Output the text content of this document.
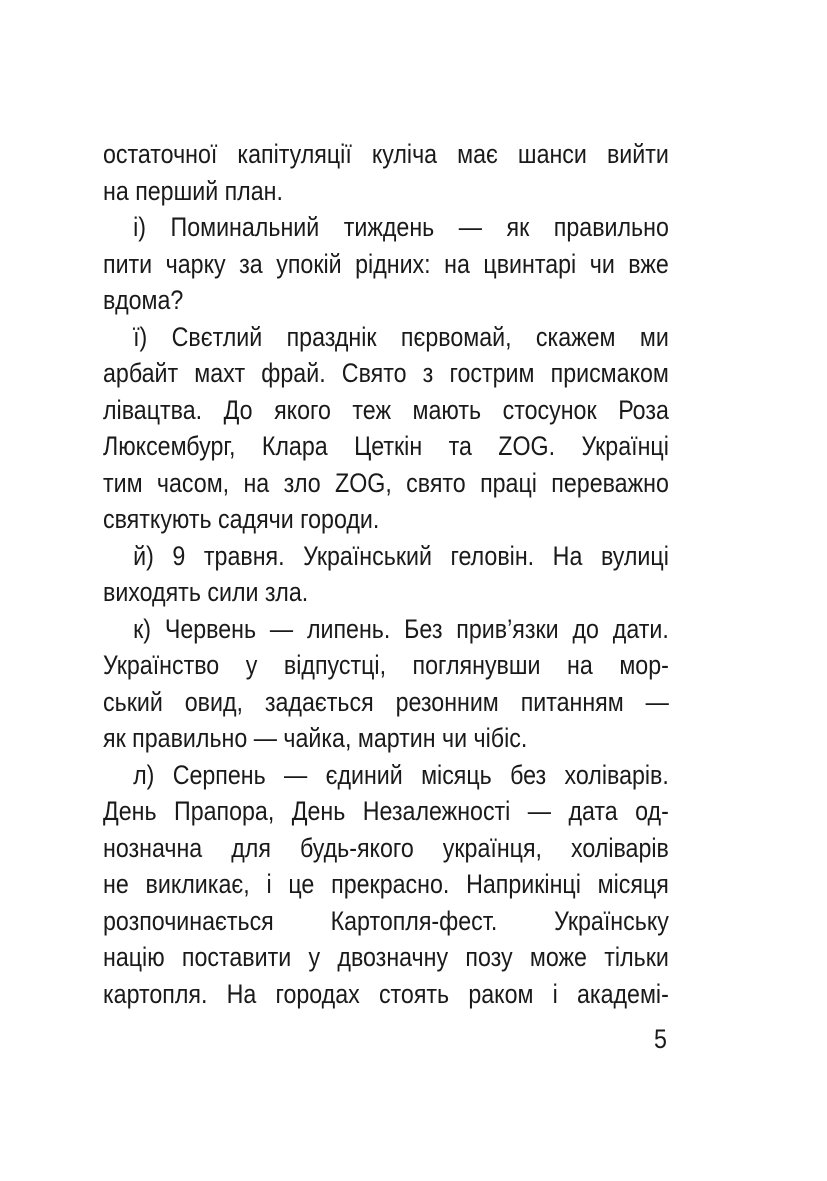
остаточної капітуляції куліча має шанси вийти
на перший план.
і) Поминальний тиждень — як правильно
пити чарку за упокій рідних: на цвинтарі чи вже
вдома?
ї) Свєтлий празднік пєрвомай, скажем ми
арбайт махт фрай. Свято з гострим присмаком
лівацтва. До якого теж мають стосунок Роза
Люксембург, Клара Цеткін та ZOG. Українці
тим часом, на зло ZOG, свято праці переважно
святкують садячи городи.
й) 9 травня. Український геловін. На вулиці
виходять сили зла.
к) Червень — липень. Без прив’язки до дати.
Українство у відпустці, поглянувши на мор-
ський овид, задається резонним питанням —
як правильно — чайка, мартин чи чібіс.
л) Серпень — єдиний місяць без холіварів.
День Прапора, День Незалежності — дата од-
нозначна для будь-якого українця, холіварів
не викликає, і це прекрасно. Наприкінці місяця
розпочинається Картопля-фест. Українську
націю поставити у двозначну позу може тільки
картопля. На городах стоять раком і академі-
5
